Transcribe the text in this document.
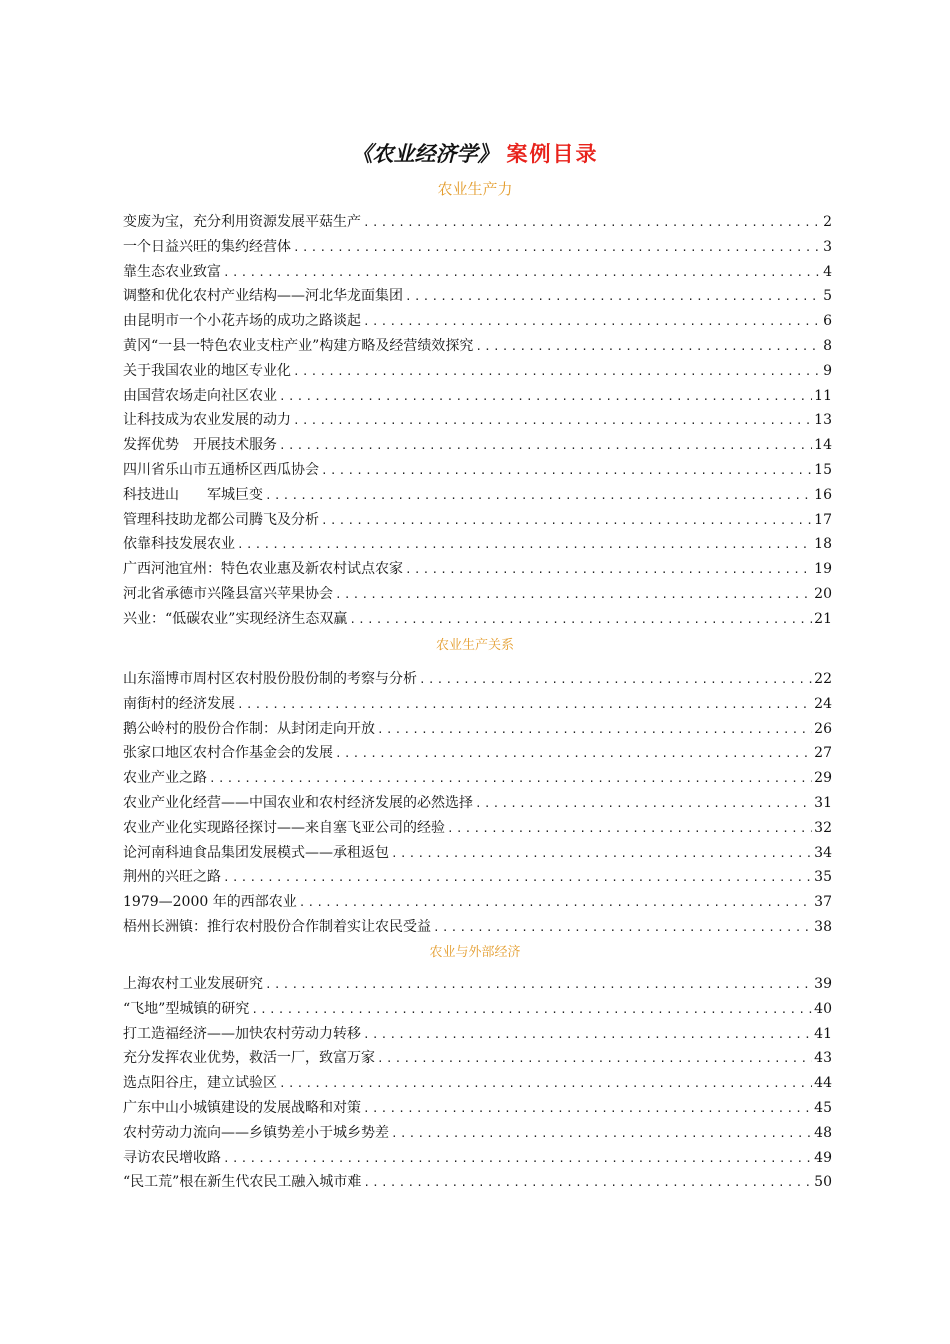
《农业经济学》 案例目录
农业生产力
变废为宝，充分利用资源发展平菇生产 .....	2
一个日益兴旺的集约经营体 .....	3
靠生态农业致富 .....	4
调整和优化农村产业结构——河北华龙面集团 .....	5
由昆明市一个小花卉场的成功之路谈起 .....	6
黄冈“一县一特色农业支柱产业”构建方略及经营绩效探究 .....	8
关于我国农业的地区专业化 .....	9
由国营农场走向社区农业 .....	11
让科技成为农业发展的动力 .....	13
发挥优势　开展技术服务 .....	14
四川省乐山市五通桥区西瓜协会 .....	15
科技进山　　军城巨变 .....	16
管理科技助龙都公司腾飞及分析 .....	17
依靠科技发展农业 .....	18
广西河池宜州：特色农业惠及新农村试点农家 .....	19
河北省承德市兴隆县富兴苹果协会 .....	20
兴业：“低碳农业”实现经济生态双赢 .....	21
农业生产关系
山东淄博市周村区农村股份股份制的考察与分析 .....	22
南街村的经济发展 .....	24
鹅公岭村的股份合作制：从封闭走向开放 .....	26
张家口地区农村合作基金会的发展 .....	27
农业产业之路 .....	29
农业产业化经营——中国农业和农村经济发展的必然选择 .....	31
农业产业化实现路径探讨——来自塞飞亚公司的经验 .....	32
论河南科迪食品集团发展模式——承租返包 .....	34
荆州的兴旺之路 .....	35
1979—2000 年的西部农业 .....	37
梧州长洲镇：推行农村股份合作制着实让农民受益 .....	38
农业与外部经济
上海农村工业发展研究 .....	39
“飞地”型城镇的研究 .....	40
打工造福经济——加快农村劳动力转移 .....	41
充分发挥农业优势，救活一厂，致富万家 .....	43
选点阳谷庄，建立试验区 .....	44
广东中山小城镇建设的发展战略和对策 .....	45
农村劳动力流向——乡镇势差小于城乡势差 .....	48
寻访农民增收路 .....	49
“民工荒”根在新生代农民工融入城市难 .....	50
